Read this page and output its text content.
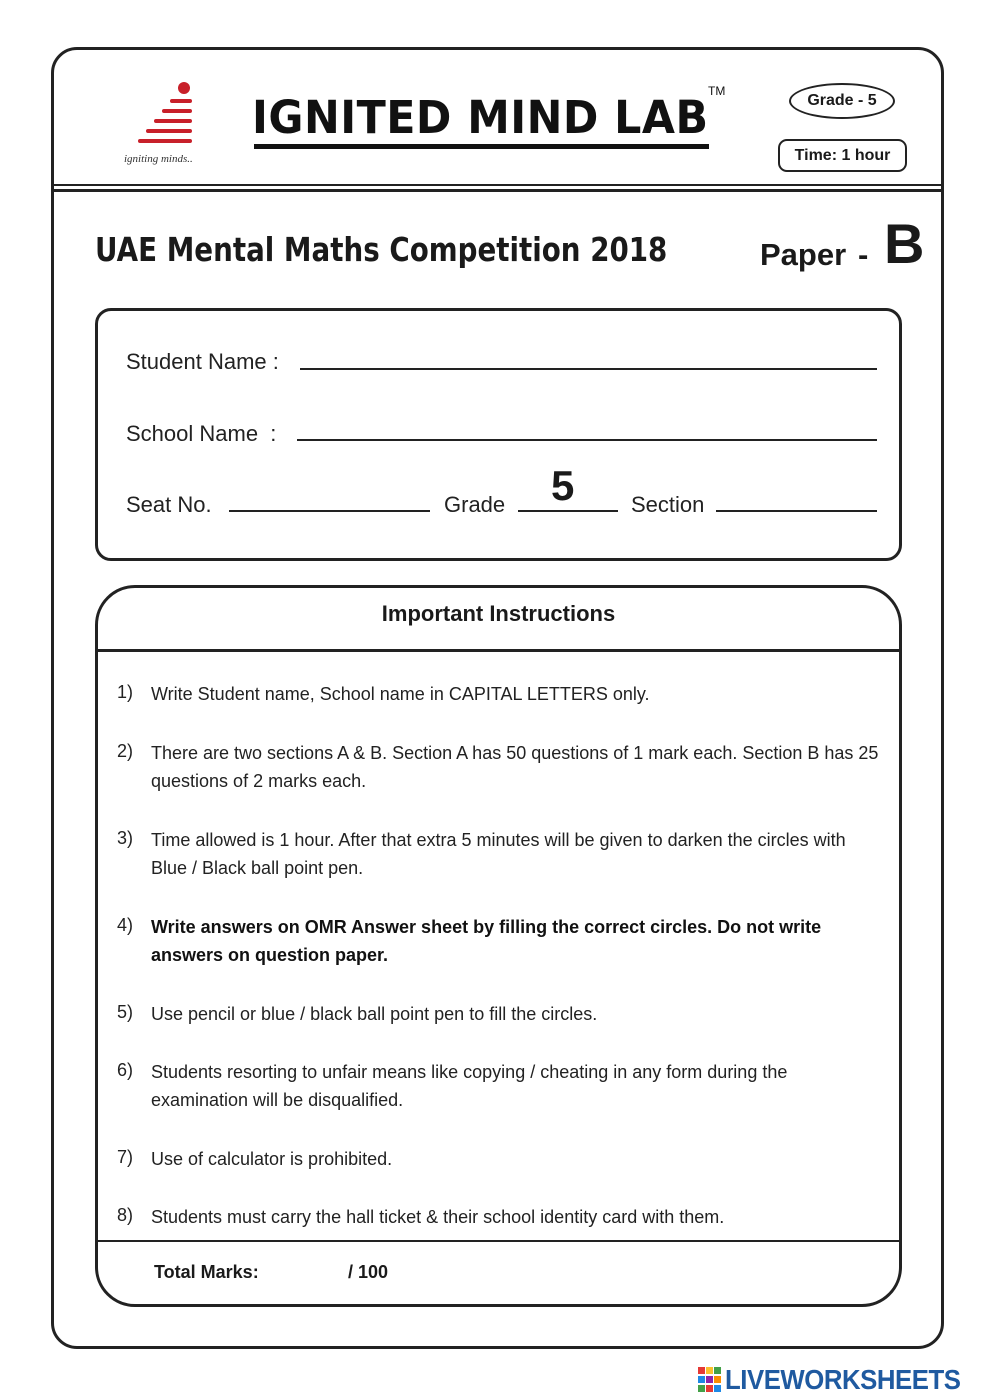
igniting minds..
IGNITED MIND LAB TM
Grade - 5
Time: 1 hour
UAE Mental Maths Competition 2018	Paper - B
Student Name :
School Name  :
Seat No.	Grade 5	Section
Important Instructions
1) Write Student name, School name in CAPITAL LETTERS only.
2) There are two sections A & B. Section A has 50 questions of 1 mark each. Section B has 25 questions of 2 marks each.
3) Time allowed is 1 hour. After that extra 5 minutes will be given to darken the circles with Blue / Black ball point pen.
4) Write answers on OMR Answer sheet by filling the correct circles. Do not write answers on question paper.
5) Use pencil or blue / black ball point pen to fill the circles.
6) Students resorting to unfair means like copying / cheating in any form during the examination will be disqualified.
7) Use of calculator is prohibited.
8) Students must carry the hall ticket & their school identity card with them.
Total Marks:	/ 100
LIVEWORKSHEETS
